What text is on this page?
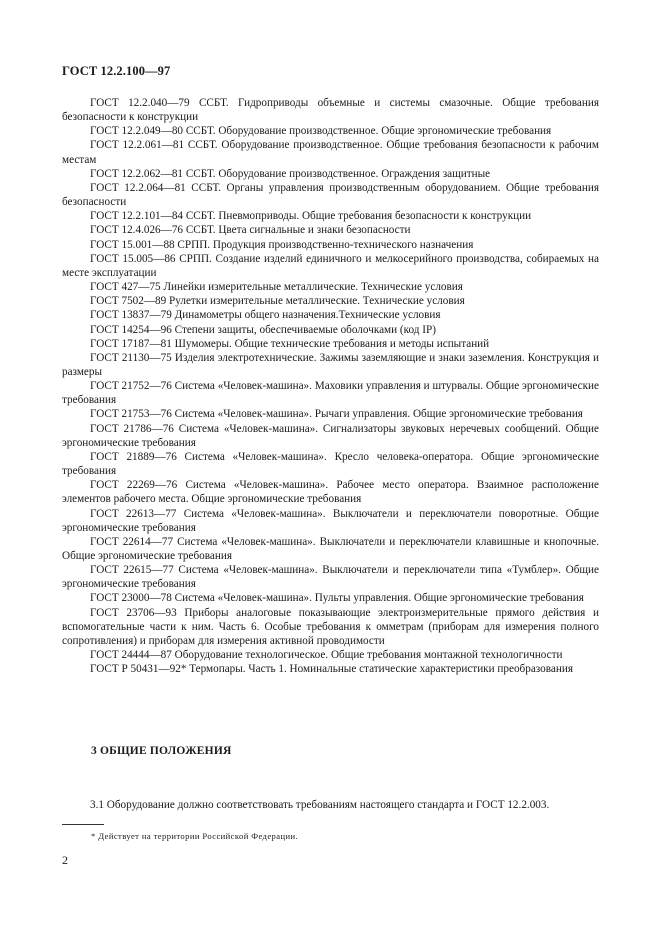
ГОСТ 12.2.100—97

ГОСТ 12.2.040—79 ССБТ. Гидроприводы объемные и системы смазочные. Общие требования безопасности к конструкции

ГОСТ 12.2.049—80 ССБТ. Оборудование производственное. Общие эргономические требования

ГОСТ 12.2.061—81 ССБТ. Оборудование производственное. Общие требования безопасности к рабочим местам

ГОСТ 12.2.062—81 ССБТ. Оборудование производственное. Ограждения защитные

ГОСТ 12.2.064—81 ССБТ. Органы управления производственным оборудованием. Общие требования безопасности

ГОСТ 12.2.101—84 ССБТ. Пневмоприводы. Общие требования безопасности к конструкции

ГОСТ 12.4.026—76 ССБТ. Цвета сигнальные и знаки безопасности

ГОСТ 15.001—88 СРПП. Продукция производственно-технического назначения

ГОСТ 15.005—86 СРПП. Создание изделий единичного и мелкосерийного производства, собираемых на месте эксплуатации

ГОСТ 427—75 Линейки измерительные металлические. Технические условия

ГОСТ 7502—89 Рулетки измерительные металлические. Технические условия

ГОСТ 13837—79 Динамометры общего назначения.Технические условия

ГОСТ 14254—96 Степени защиты, обеспечиваемые оболочками (код IP)

ГОСТ 17187—81 Шумомеры. Общие технические требования и методы испытаний

ГОСТ 21130—75 Изделия электротехнические. Зажимы заземляющие и знаки заземления. Конструкция и размеры

ГОСТ 21752—76 Система «Человек-машина». Маховики управления и штурвалы. Общие эргономические требования

ГОСТ 21753—76 Система «Человек-машина». Рычаги управления. Общие эргономические требования

ГОСТ 21786—76 Система «Человек-машина». Сигнализаторы звуковых неречевых сообщений. Общие эргономические требования

ГОСТ 21889—76 Система «Человек-машина». Кресло человека-оператора. Общие эргономические требования

ГОСТ 22269—76 Система «Человек-машина». Рабочее место оператора. Взаимное расположение элементов рабочего места. Общие эргономические требования

ГОСТ 22613—77 Система «Человек-машина». Выключатели и переключатели поворотные. Общие эргономические требования

ГОСТ 22614—77 Система «Человек-машина». Выключатели и переключатели клавишные и кнопочные. Общие эргономические требования

ГОСТ 22615—77 Система «Человек-машина». Выключатели и переключатели типа «Тумблер». Общие эргономические требования

ГОСТ 23000—78 Система «Человек-машина». Пульты управления. Общие эргономические требования

ГОСТ 23706—93 Приборы аналоговые показывающие электроизмерительные прямого действия и вспомогательные части к ним. Часть 6. Особые требования к омметрам (приборам для измерения полного сопротивления) и приборам для измерения активной проводимости

ГОСТ 24444—87 Оборудование технологическое. Общие требования монтажной технологичности

ГОСТ Р 50431—92* Термопары. Часть 1. Номинальные статические характеристики преобразования

3 ОБЩИЕ ПОЛОЖЕНИЯ

3.1 Оборудование должно соответствовать требованиям настоящего стандарта и ГОСТ 12.2.003.

* Действует на территории Российской Федерации.
2
